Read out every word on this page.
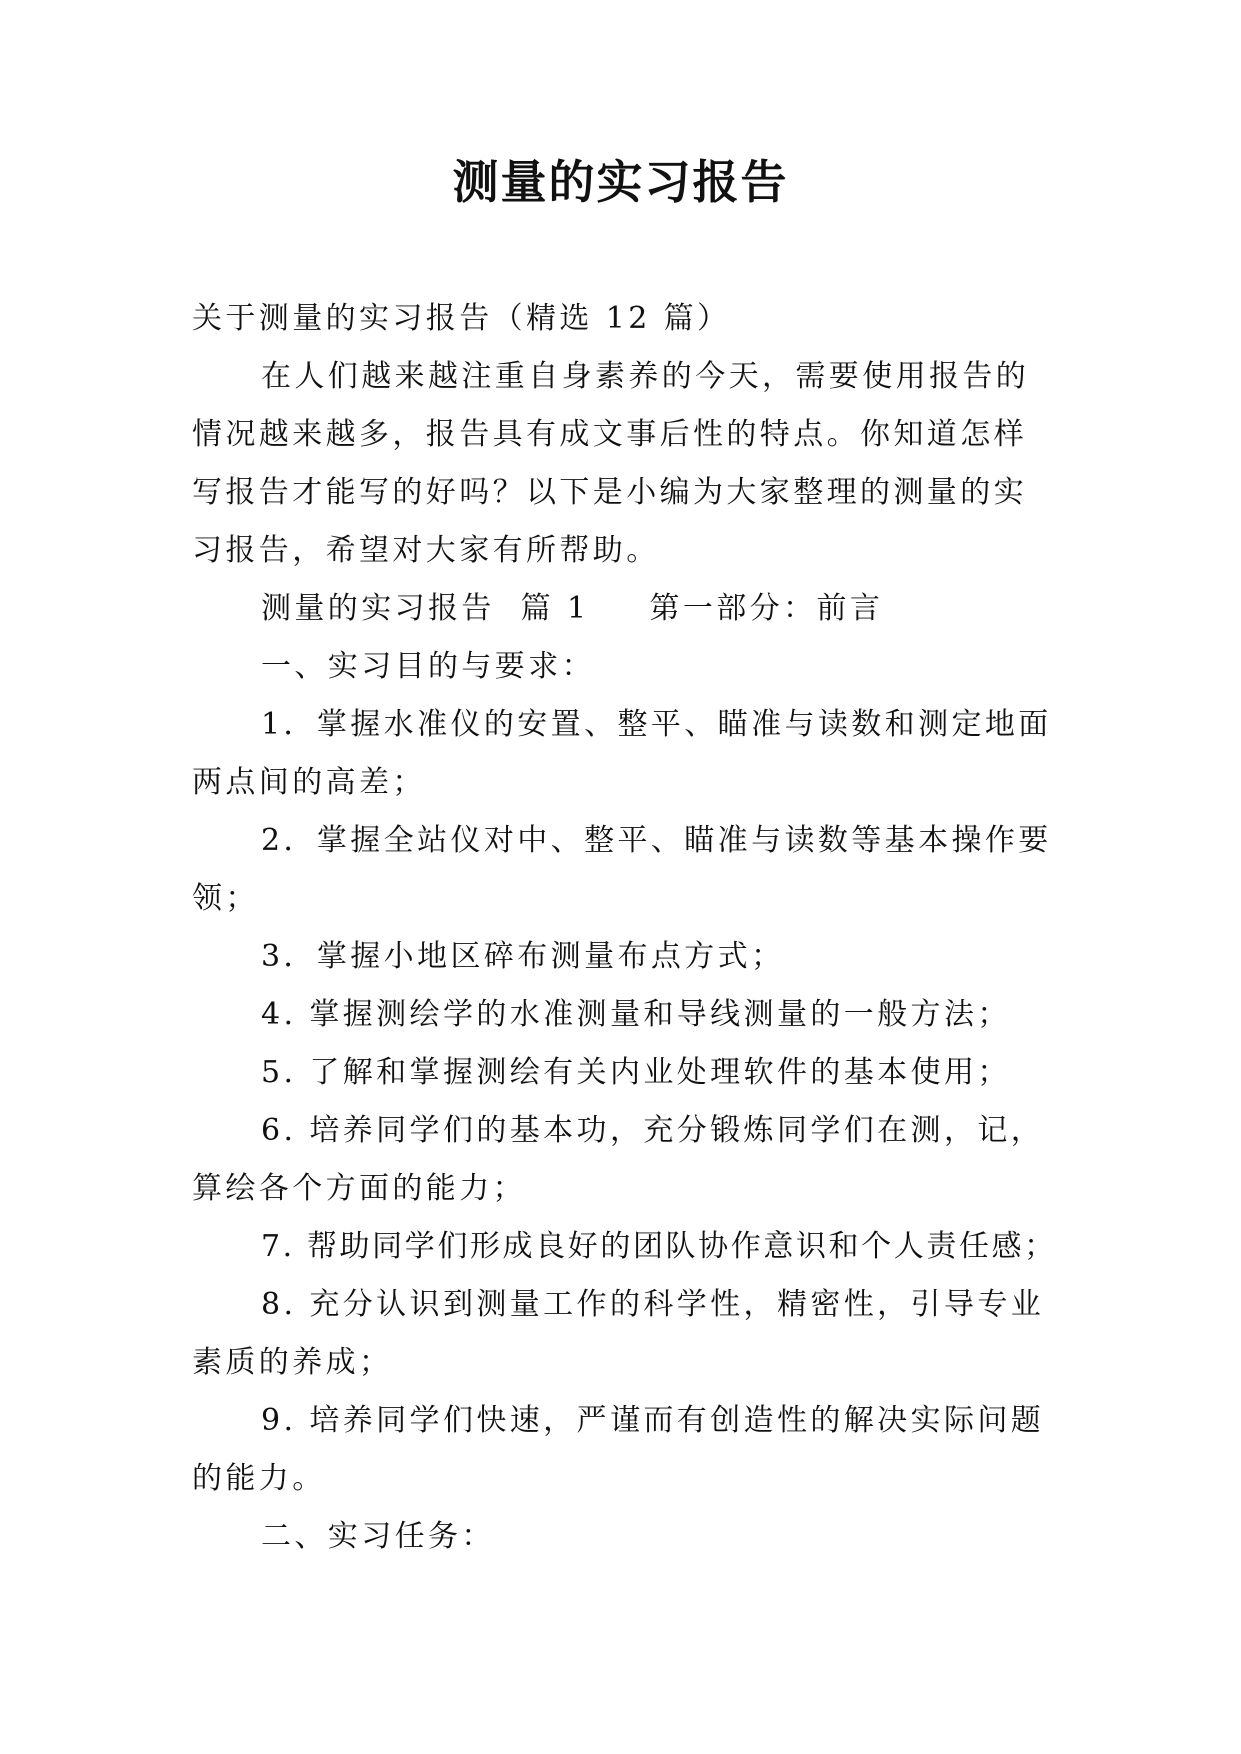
测量的实习报告

关于测量的实习报告（精选 12 篇）

在人们越来越注重自身素养的今天，需要使用报告的情况越来越多，报告具有成文事后性的特点。你知道怎样写报告才能写的好吗？以下是小编为大家整理的测量的实习报告，希望对大家有所帮助。

测量的实习报告  篇 1 第一部分：前言

一、实习目的与要求：

1．掌握水准仪的安置、整平、瞄准与读数和测定地面两点间的高差；

2．掌握全站仪对中、整平、瞄准与读数等基本操作要领；

3．掌握小地区碎布测量布点方式；

4. 掌握测绘学的水准测量和导线测量的一般方法；

5. 了解和掌握测绘有关内业处理软件的基本使用；

6. 培养同学们的基本功，充分锻炼同学们在测，记，算绘各个方面的能力；

7. 帮助同学们形成良好的团队协作意识和个人责任感；

8. 充分认识到测量工作的科学性，精密性，引导专业素质的养成；

9. 培养同学们快速，严谨而有创造性的解决实际问题的能力。

二、实习任务：
